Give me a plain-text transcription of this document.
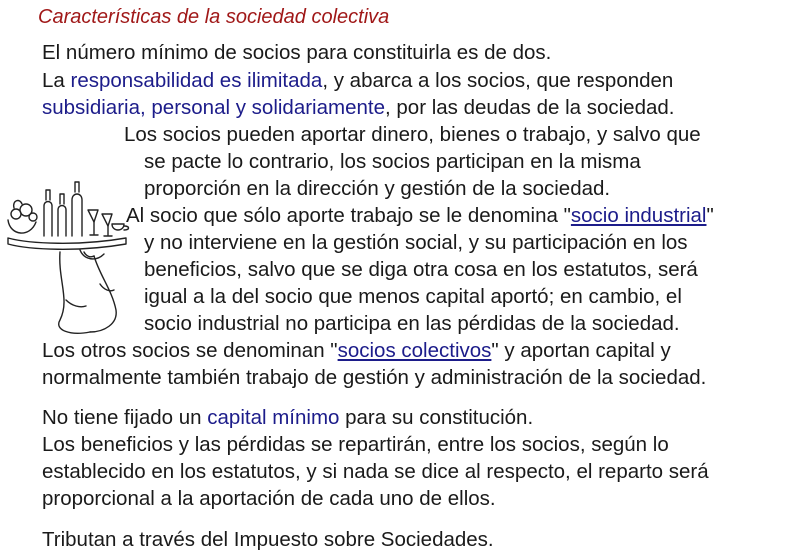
Características de la sociedad colectiva
El número mínimo de socios para constituirla es de dos.
La responsabilidad es ilimitada, y abarca a los socios, que responden
subsidiaria, personal y solidariamente, por las deudas de la sociedad.
Los socios pueden aportar dinero, bienes o trabajo, y salvo que
se pacte lo contrario, los socios participan en la misma
proporción en la dirección y gestión de la sociedad.
Al socio que sólo aporte trabajo se le denomina "socio industrial"
y no interviene en la gestión social, y su participación en los
beneficios, salvo que se diga otra cosa en los estatutos, será
igual a la del socio que menos capital aportó; en cambio, el
socio industrial no participa en las pérdidas de la sociedad.
Los otros socios se denominan "socios colectivos" y aportan capital y
normalmente también trabajo de gestión y administración de la sociedad.
No tiene fijado un capital mínimo para su constitución.
Los beneficios y las pérdidas se repartirán, entre los socios, según lo
establecido en los estatutos, y si nada se dice al respecto, el reparto será
proporcional a la aportación de cada uno de ellos.
Tributan a través del Impuesto sobre Sociedades.
